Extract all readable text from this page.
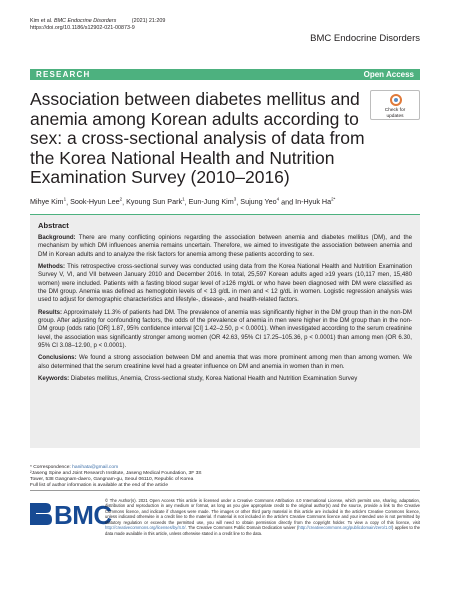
Kim et al. BMC Endocrine Disorders	(2021) 21:209
https://doi.org/10.1186/s12902-021-00873-9
BMC Endocrine Disorders
RESEARCH	Open Access
Association between diabetes mellitus and anemia among Korean adults according to sex: a cross-sectional analysis of data from the Korea National Health and Nutrition Examination Survey (2010–2016)
Check for
updates
Mihye Kim$^1$, Sook-Hyun Lee$^2$, Kyoung Sun Park$^1$, Eun-Jung Kim$^3$, Sujung Yeo$^4$ and In-Hyuk $Ha^{2*}$
Abstract

Background: There are many conflicting opinions regarding the association between anemia and diabetes mellitus (DM), and the mechanism by which DM influences anemia remains uncertain. Therefore, we aimed to investigate the association between anemia and DM in Korean adults and to analyze the risk factors for anemia among these patients according to sex.

Methods: This retrospective cross-sectional survey was conducted using data from the Korea National Health and Nutrition Examination Survey V, VI, and VII between January 2010 and December 2016. In total, 25,597 Korean adults aged ≥19 years (10,117 men, 15,480 women) were included. Patients with a fasting blood sugar level of ≥126 mg/dL or who have been diagnosed with DM were classified as the DM group. Anemia was defined as hemoglobin levels of < 13 g/dL in men and < 12 g/dL in women. Logistic regression analysis was used to adjust for demographic characteristics and lifestyle-, disease-, and health-related factors.

Results: Approximately 11.3% of patients had DM. The prevalence of anemia was significantly higher in the DM group than in the non-DM group. After adjusting for confounding factors, the odds of the prevalence of anemia in men were higher in the DM group than in the non-DM group (odds ratio [OR] 1.87, 95% confidence interval [CI] 1.42–2.50, p < 0.0001). When investigated according to the serum creatinine level, the association was significantly stronger among women (OR 42.63, 95% CI 17.25–105.36, p < 0.0001) than among men (OR 6.30, 95% CI 3.08–12.90, p < 0.0001).

Conclusions: We found a strong association between DM and anemia that was more prominent among men than among women. We also determined that the serum creatinine level had a greater influence on DM and anemia in women than in men.

Keywords: Diabetes mellitus, Anemia, Cross-sectional study, Korea National Health and Nutrition Examination Survey

* Correspondence: hanihata@gmail.com
²Jaseng Spine and Joint Research Institute, Jaseng Medical Foundation, 3F 3S
Tower, 538 Gangnam-daero, Gangnam-gu, Seoul 06110, Republic of Korea
Full list of author information is available at the end of the article
BMC
© The Author(s). 2021 Open Access This article is licensed under a Creative Commons Attribution 4.0 International License, which permits use, sharing, adaptation, distribution and reproduction in any medium or format, as long as you give appropriate credit to the original author(s) and the source, provide a link to the Creative Commons licence, and indicate if changes were made. The images or other third party material in this article are included in the article's Creative Commons licence, unless indicated otherwise in a credit line to the material. If material is not included in the article's Creative Commons licence and your intended use is not permitted by statutory regulation or exceeds the permitted use, you will need to obtain permission directly from the copyright holder. To view a copy of this licence, visit http://creativecommons.org/licenses/by/4.0/. The Creative Commons Public Domain Dedication waiver (http://creativecommons.org/publicdomain/zero/1.0/) applies to the data made available in this article, unless otherwise stated in a credit line to the data.
